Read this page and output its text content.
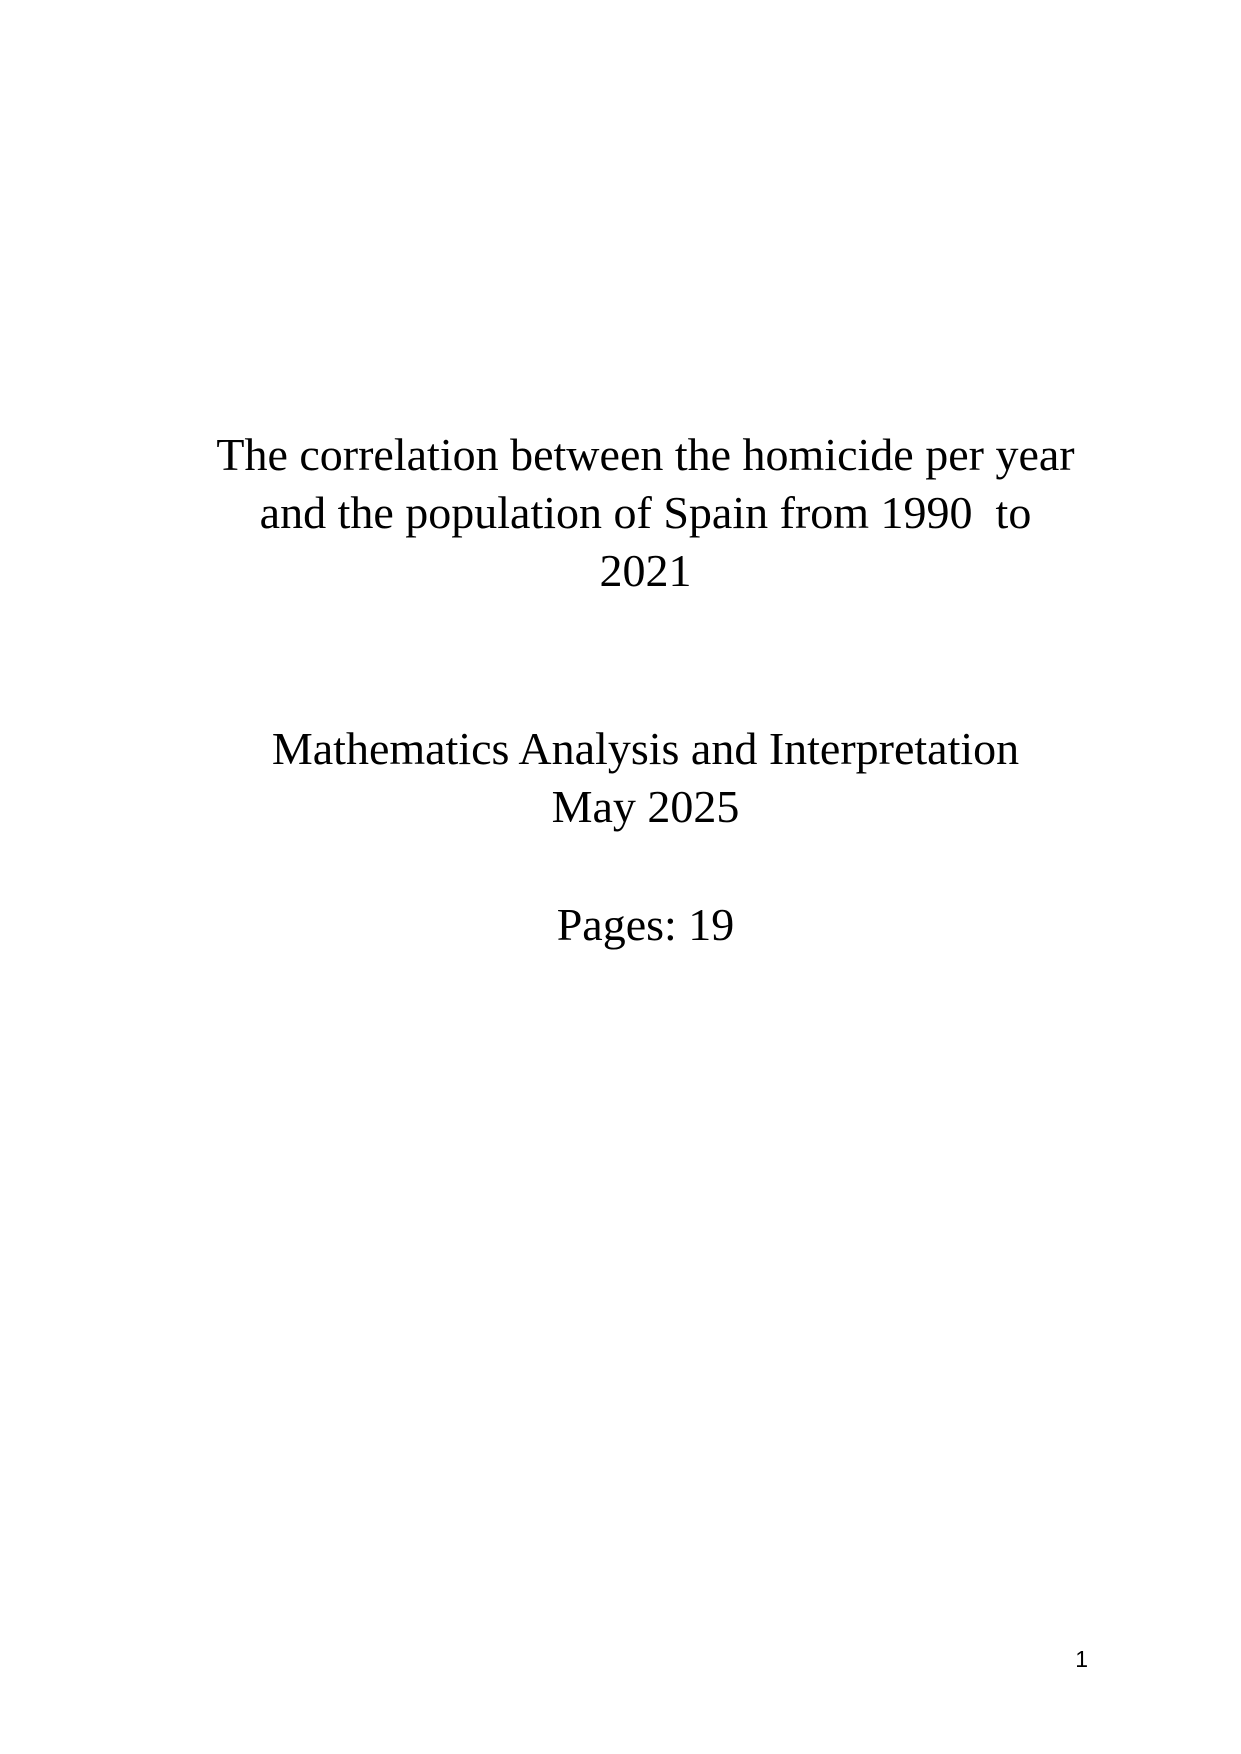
The correlation between the homicide per year
and the population of Spain from 1990  to
2021
Mathematics Analysis and Interpretation
May 2025
Pages: 19
1
